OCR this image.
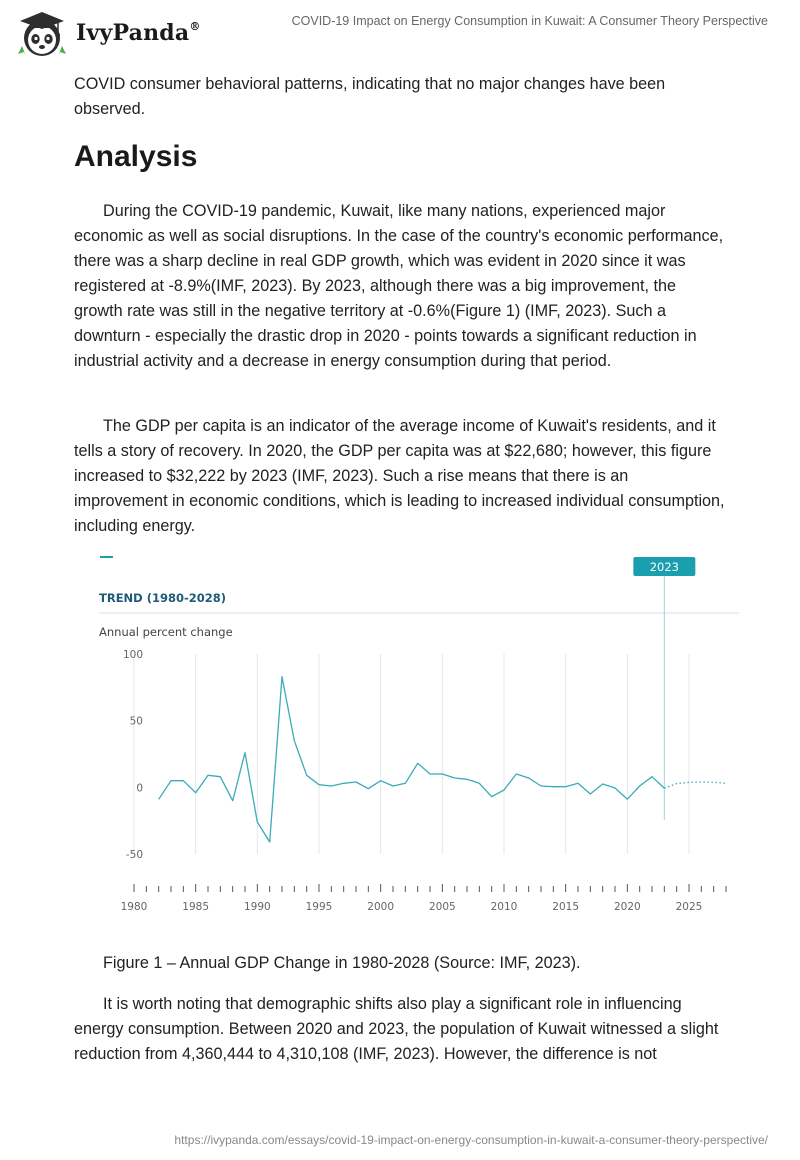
IvyPanda®	COVID-19 Impact on Energy Consumption in Kuwait: A Consumer Theory Perspective

COVID consumer behavioral patterns, indicating that no major changes have been observed.

Analysis

During the COVID-19 pandemic, Kuwait, like many nations, experienced major economic as well as social disruptions. In the case of the country's economic performance, there was a sharp decline in real GDP growth, which was evident in 2020 since it was registered at -8.9%(IMF, 2023). By 2023, although there was a big improvement, the growth rate was still in the negative territory at -0.6%(Figure 1) (IMF, 2023). Such a downturn - especially the drastic drop in 2020 - points towards a significant reduction in industrial activity and a decrease in energy consumption during that period.

The GDP per capita is an indicator of the average income of Kuwait's residents, and it tells a story of recovery. In 2020, the GDP per capita was at $22,680; however, this figure increased to $32,222 by 2023 (IMF, 2023). Such a rise means that there is an improvement in economic conditions, which is leading to increased individual consumption, including energy.

TREND (1980-2028)
Annual percent change
100
50
0
-50
2023
1980	1985	1990	1995	2000	2005	2010	2015	2020	2025
Figure 1 – Annual GDP Change in 1980-2028 (Source: IMF, 2023).

It is worth noting that demographic shifts also play a significant role in influencing energy consumption. Between 2020 and 2023, the population of Kuwait witnessed a slight reduction from 4,360,444 to 4,310,108 (IMF, 2023). However, the difference is not

https://ivypanda.com/essays/covid-19-impact-on-energy-consumption-in-kuwait-a-consumer-theory-perspective/
